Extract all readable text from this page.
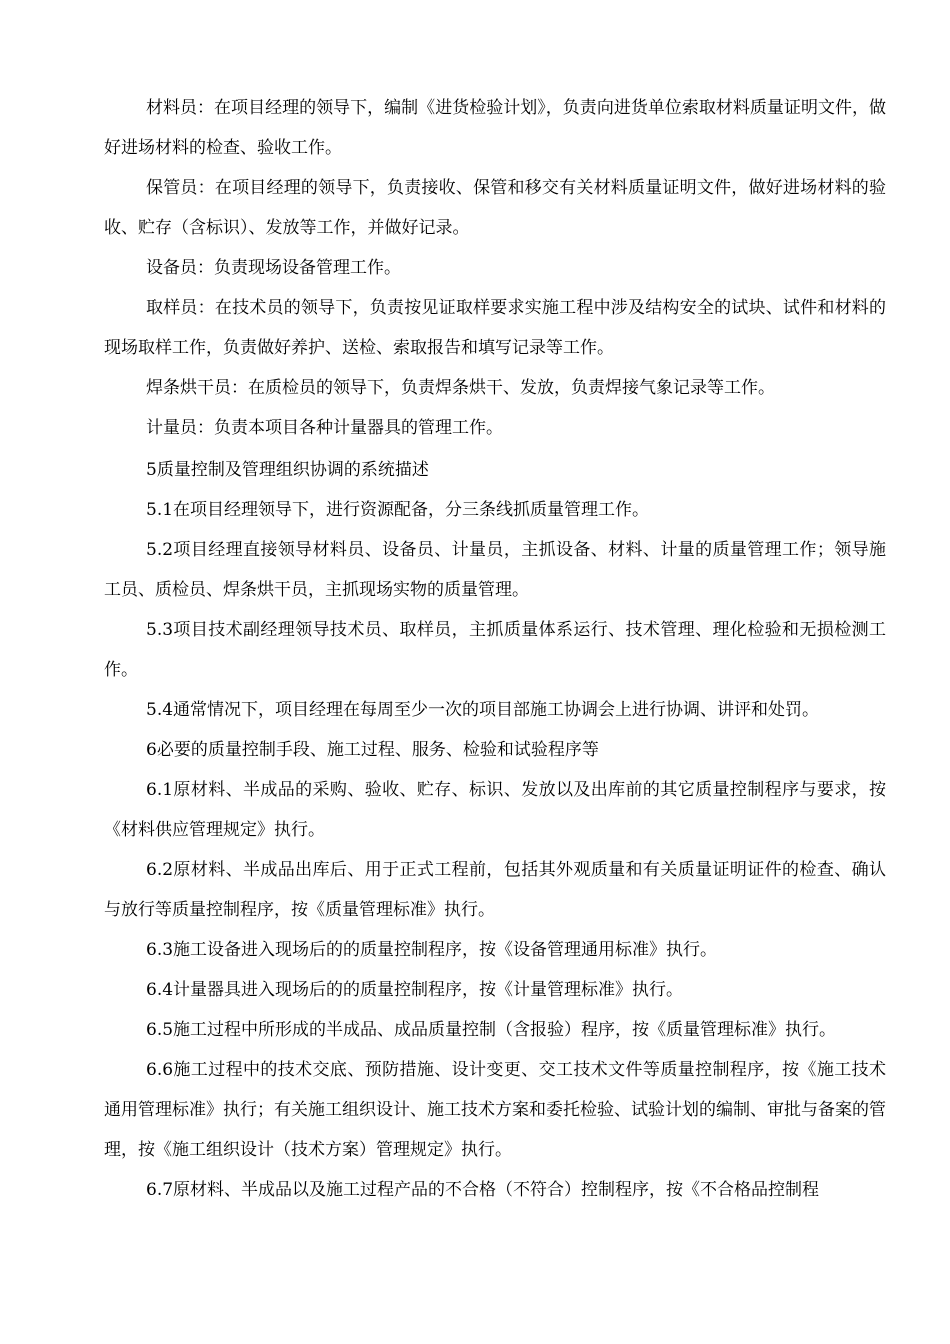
材料员：在项目经理的领导下，编制《进货检验计划》，负责向进货单位索取材料质量证明文件，做好进场材料的检查、验收工作。

保管员：在项目经理的领导下，负责接收、保管和移交有关材料质量证明文件，做好进场材料的验收、贮存（含标识）、发放等工作，并做好记录。

设备员：负责现场设备管理工作。

取样员：在技术员的领导下，负责按见证取样要求实施工程中涉及结构安全的试块、试件和材料的现场取样工作，负责做好养护、送检、索取报告和填写记录等工作。

焊条烘干员：在质检员的领导下，负责焊条烘干、发放，负责焊接气象记录等工作。

计量员：负责本项目各种计量器具的管理工作。

5质量控制及管理组织协调的系统描述

5.1在项目经理领导下，进行资源配备，分三条线抓质量管理工作。

5.2项目经理直接领导材料员、设备员、计量员，主抓设备、材料、计量的质量管理工作；领导施工员、质检员、焊条烘干员，主抓现场实物的质量管理。

5.3项目技术副经理领导技术员、取样员，主抓质量体系运行、技术管理、理化检验和无损检测工作。

5.4通常情况下，项目经理在每周至少一次的项目部施工协调会上进行协调、讲评和处罚。

6必要的质量控制手段、施工过程、服务、检验和试验程序等

6.1原材料、半成品的采购、验收、贮存、标识、发放以及出库前的其它质量控制程序与要求，按《材料供应管理规定》执行。

6.2原材料、半成品出库后、用于正式工程前，包括其外观质量和有关质量证明证件的检查、确认与放行等质量控制程序，按《质量管理标准》执行。

6.3施工设备进入现场后的的质量控制程序，按《设备管理通用标准》执行。

6.4计量器具进入现场后的的质量控制程序，按《计量管理标准》执行。

6.5施工过程中所形成的半成品、成品质量控制（含报验）程序，按《质量管理标准》执行。

6.6施工过程中的技术交底、预防措施、设计变更、交工技术文件等质量控制程序，按《施工技术通用管理标准》执行；有关施工组织设计、施工技术方案和委托检验、试验计划的编制、审批与备案的管理，按《施工组织设计（技术方案）管理规定》执行。

6.7原材料、半成品以及施工过程产品的不合格（不符合）控制程序，按《不合格品控制程
